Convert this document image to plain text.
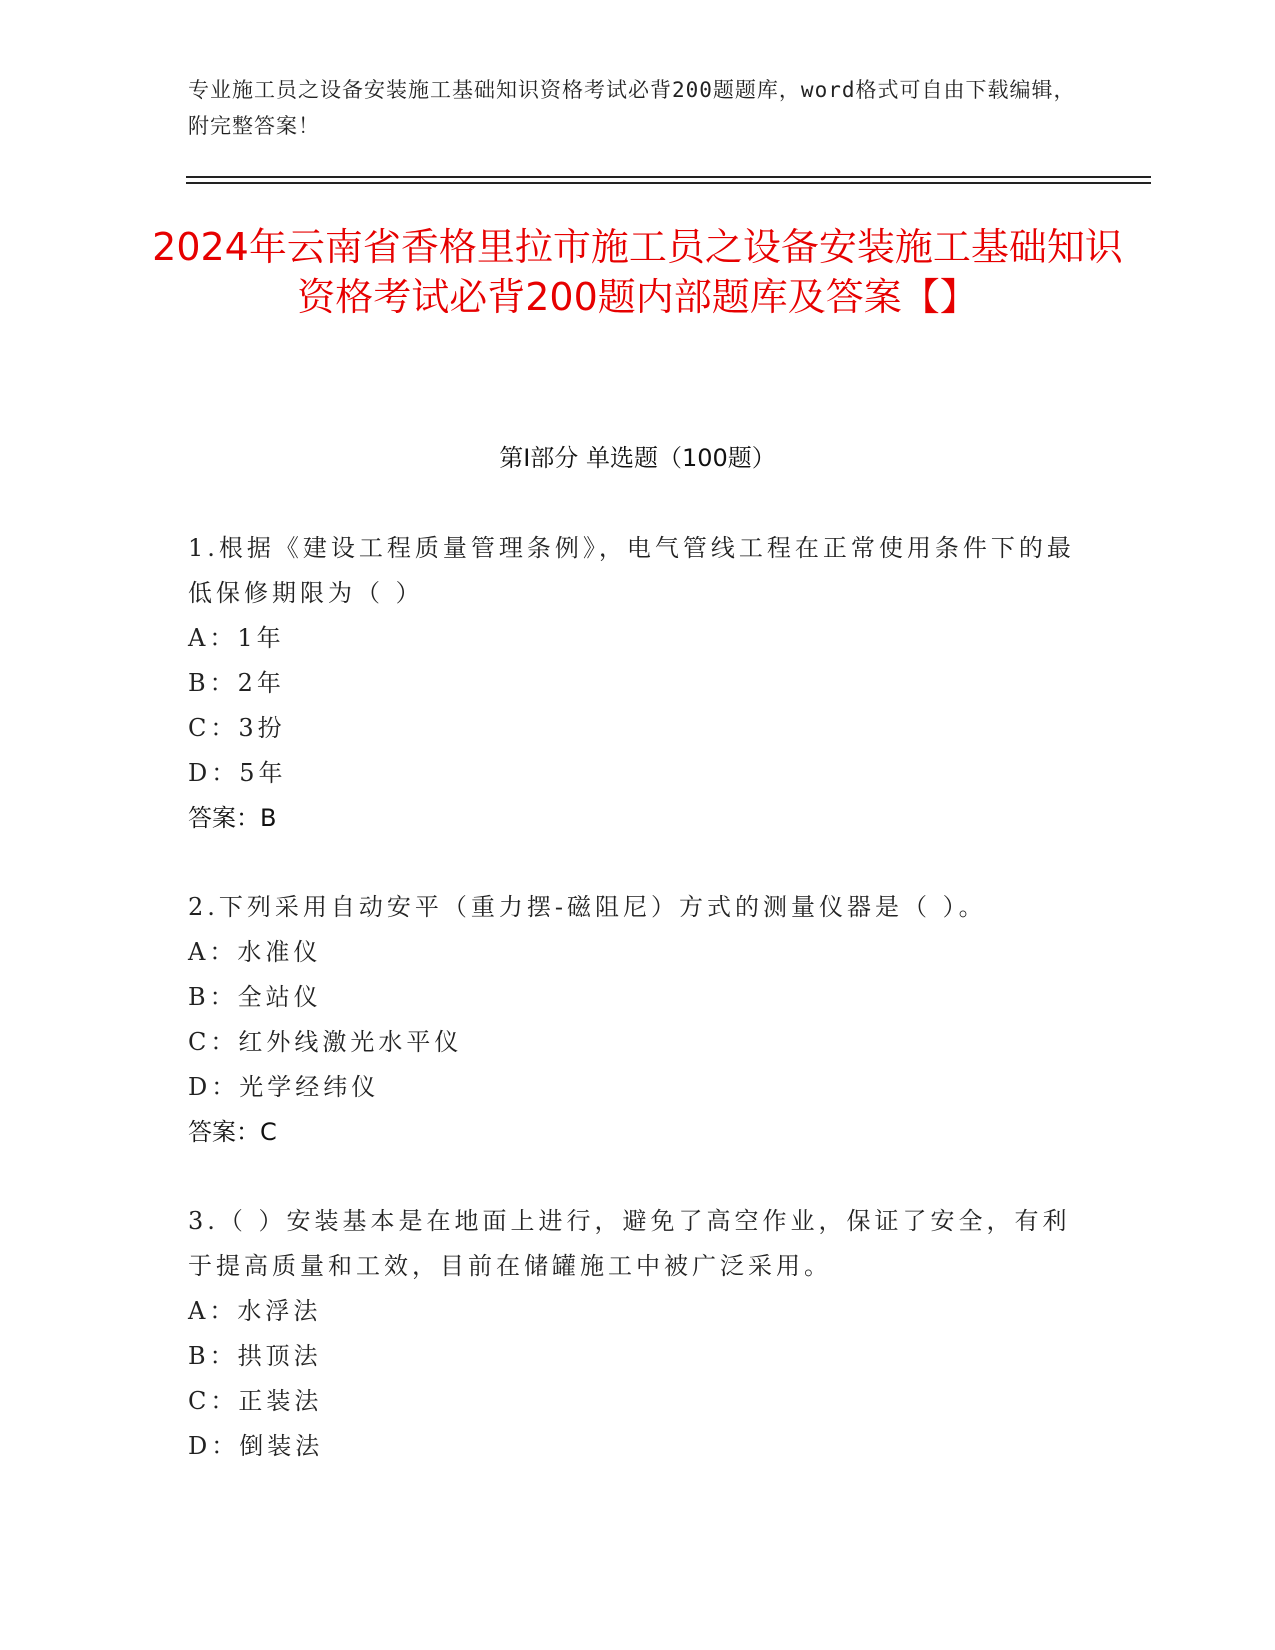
专业施工员之设备安装施工基础知识资格考试必背200题题库，word格式可自由下载编辑，附完整答案！
2024年云南省香格里拉市施工员之设备安装施工基础知识资格考试必背200题内部题库及答案【】
第I部分 单选题（100题）
1.根据《建设工程质量管理条例》，电气管线工程在正常使用条件下的最低保修期限为（ ）
A：1年
B：2年
C：3扮
D：5年
答案：B
2.下列采用自动安平（重力摆-磁阻尼）方式的测量仪器是（ ）。
A：水准仪
B：全站仪
C：红外线激光水平仪
D：光学经纬仪
答案：C
3.（ ）安装基本是在地面上进行，避免了高空作业，保证了安全，有利于提高质量和工效，目前在储罐施工中被广泛采用。
A：水浮法
B：拱顶法
C：正装法
D：倒装法
